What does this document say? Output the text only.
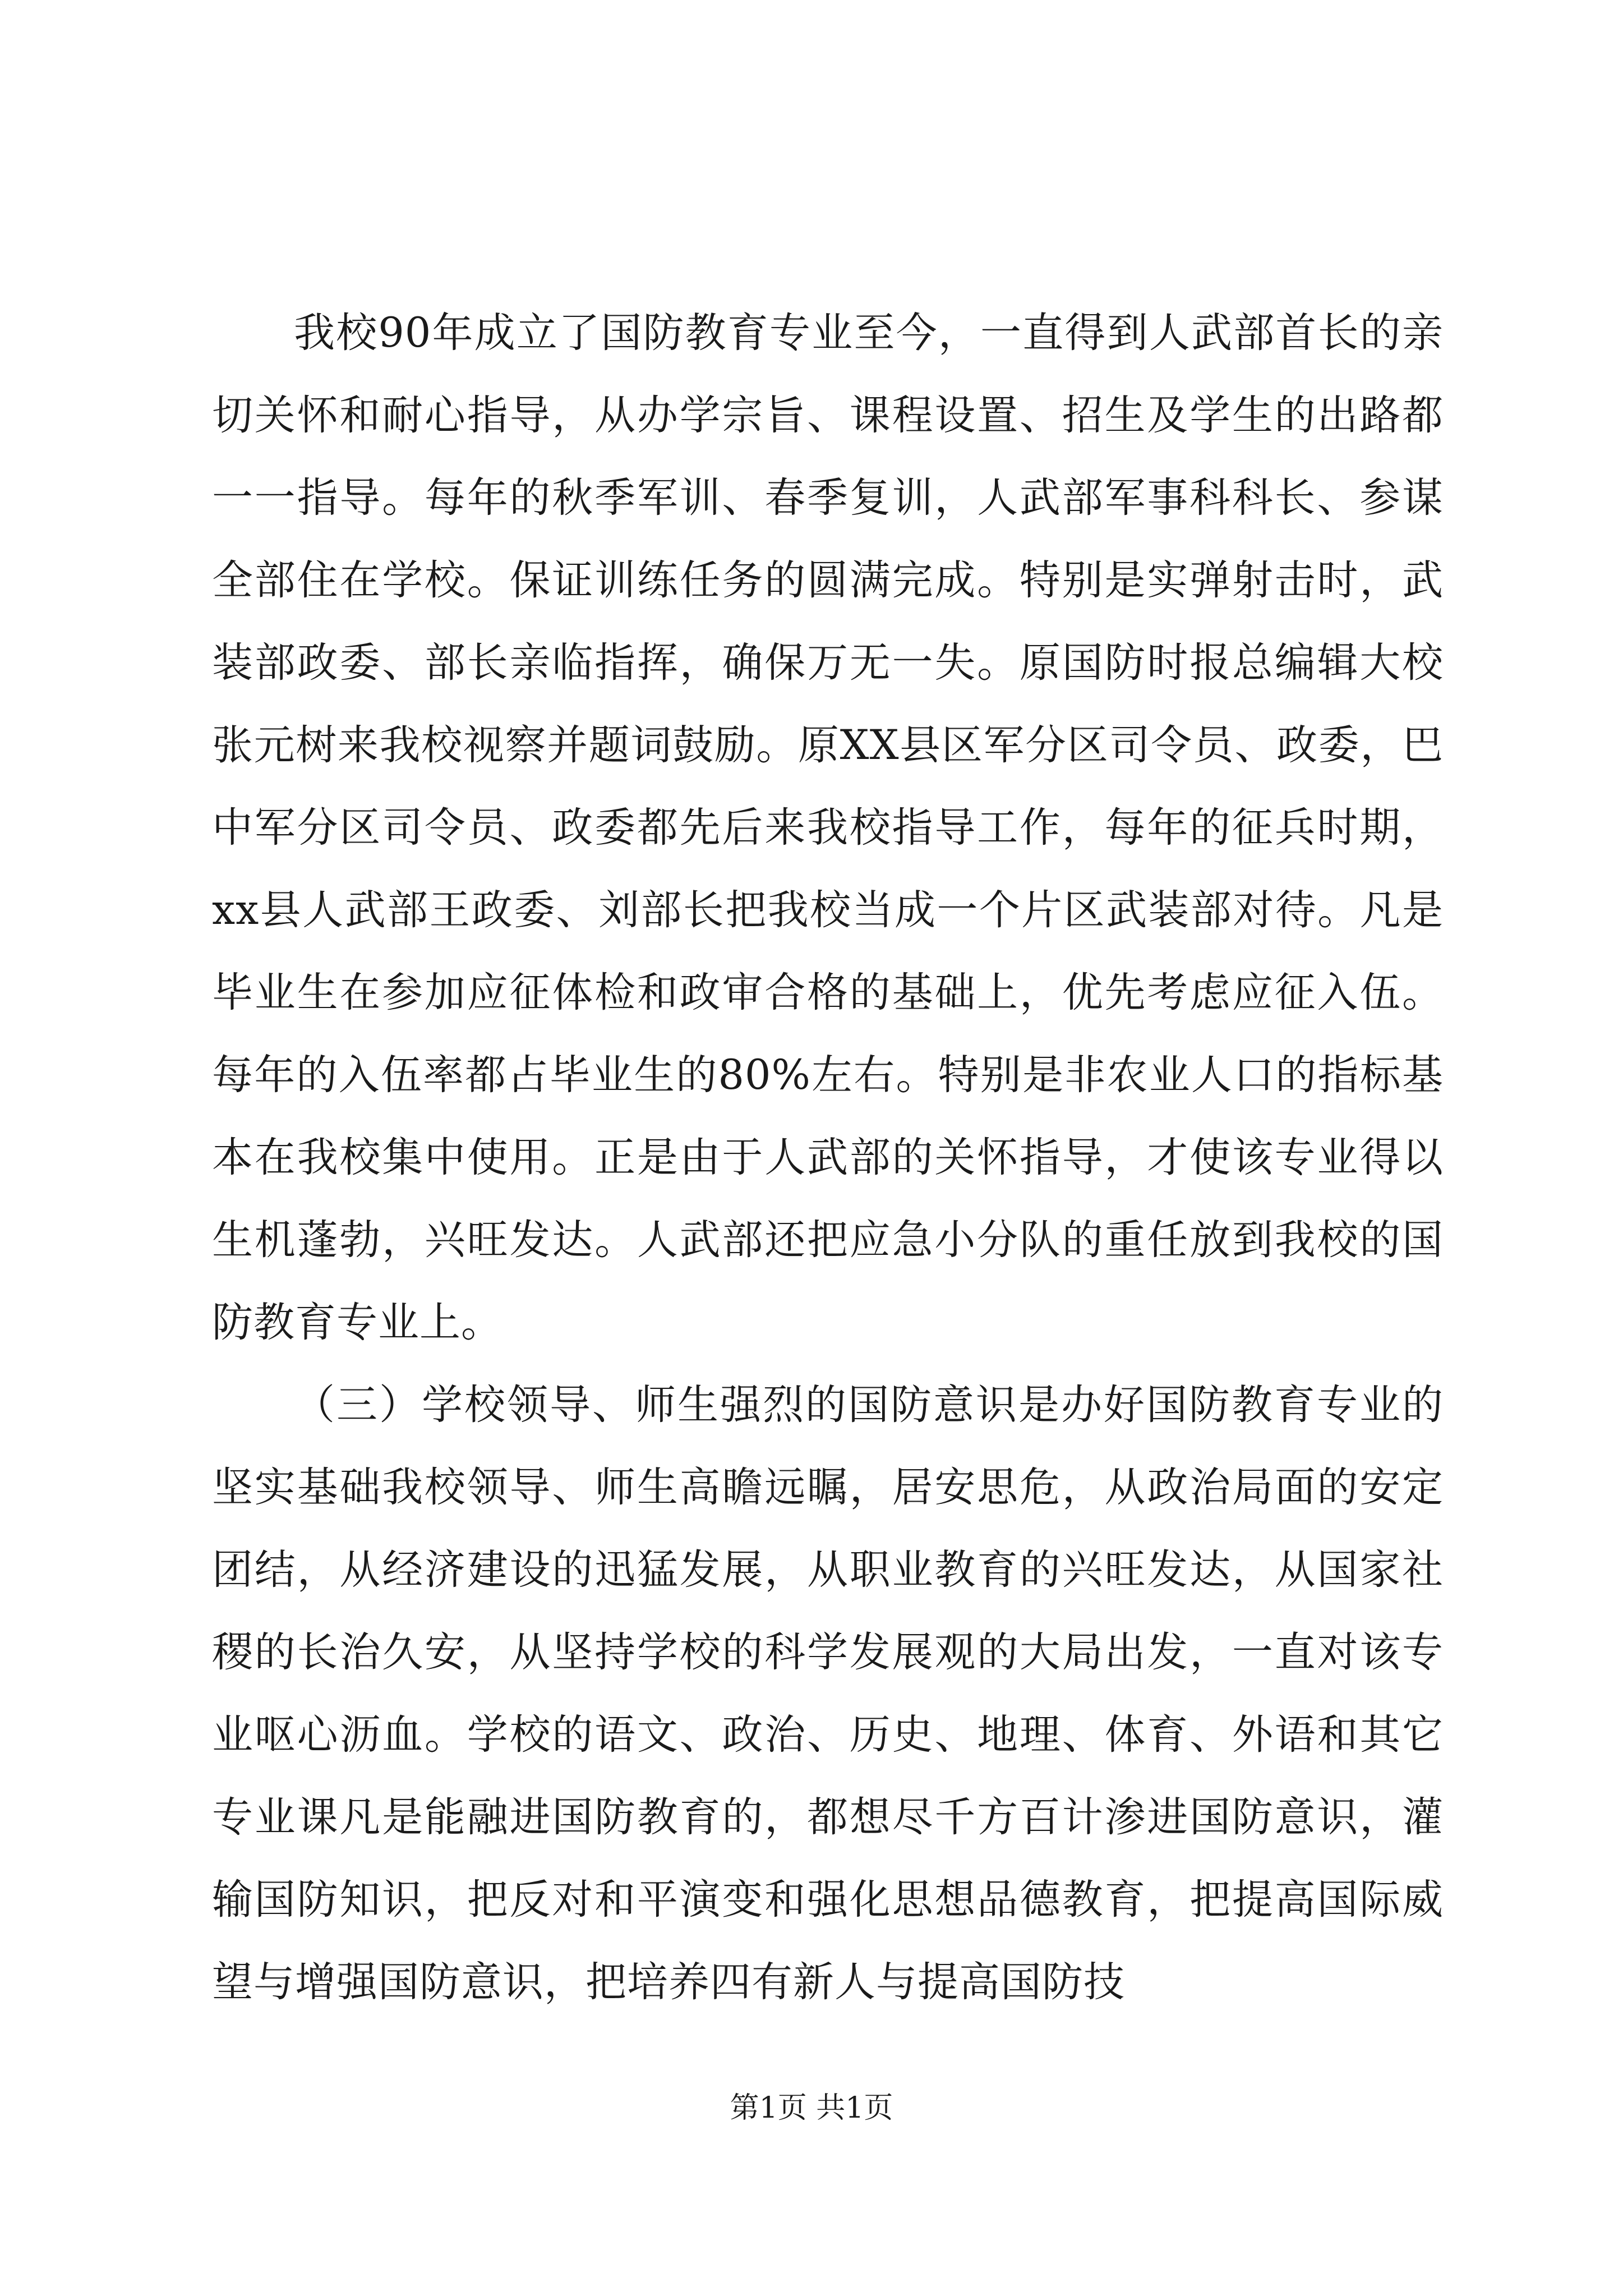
我校90年成立了国防教育专业至今，一直得到人武部首长的亲切关怀和耐心指导，从办学宗旨、课程设置、招生及学生的出路都一一指导。每年的秋季军训、春季复训，人武部军事科科长、参谋全部住在学校。保证训练任务的圆满完成。特别是实弹射击时，武装部政委、部长亲临指挥，确保万无一失。原国防时报总编辑大校张元树来我校视察并题词鼓励。原XX县区军分区司令员、政委，巴中军分区司令员、政委都先后来我校指导工作，每年的征兵时期，xx县人武部王政委、刘部长把我校当成一个片区武装部对待。凡是毕业生在参加应征体检和政审合格的基础上，优先考虑应征入伍。每年的入伍率都占毕业生的80%左右。特别是非农业人口的指标基本在我校集中使用。正是由于人武部的关怀指导，才使该专业得以生机蓬勃，兴旺发达。人武部还把应急小分队的重任放到我校的国防教育专业上。

（三）学校领导、师生强烈的国防意识是办好国防教育专业的坚实基础我校领导、师生高瞻远瞩，居安思危，从政治局面的安定团结，从经济建设的迅猛发展，从职业教育的兴旺发达，从国家社稷的长治久安，从坚持学校的科学发展观的大局出发，一直对该专业呕心沥血。学校的语文、政治、历史、地理、体育、外语和其它专业课凡是能融进国防教育的，都想尽千方百计渗进国防意识，灌输国防知识，把反对和平演变和强化思想品德教育，把提高国际威望与增强国防意识，把培养四有新人与提高国防技

第1页 共1页
